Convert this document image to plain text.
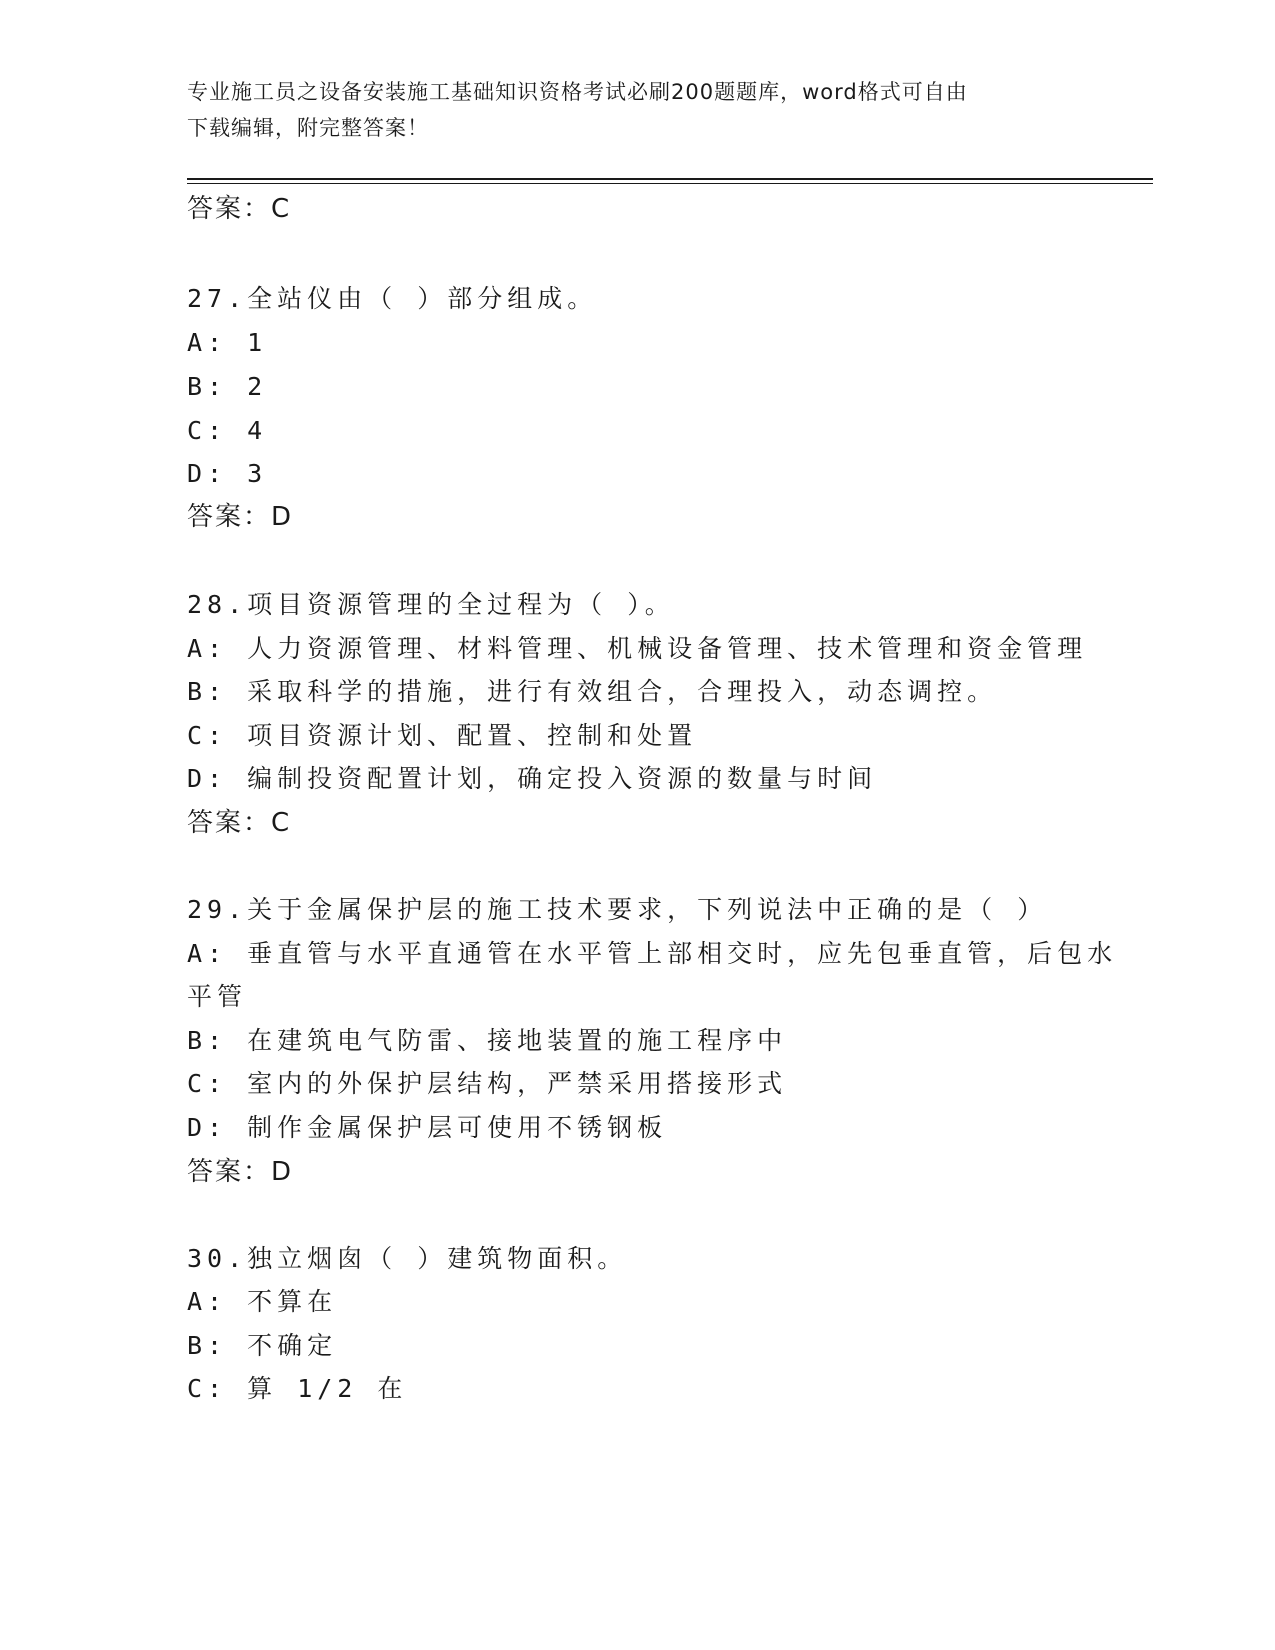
专业施工员之设备安装施工基础知识资格考试必刷200题题库，word格式可自由
下载编辑，附完整答案！
答案：C
27.全站仪由（ ）部分组成。
A: 1
B: 2
C: 4
D: 3
答案：D
28.项目资源管理的全过程为（ ）。
A: 人力资源管理、材料管理、机械设备管理、技术管理和资金管理
B: 采取科学的措施，进行有效组合，合理投入，动态调控。
C: 项目资源计划、配置、控制和处置
D: 编制投资配置计划，确定投入资源的数量与时间
答案：C
29.关于金属保护层的施工技术要求，下列说法中正确的是（ ）
A: 垂直管与水平直通管在水平管上部相交时，应先包垂直管，后包水
平管
B: 在建筑电气防雷、接地装置的施工程序中
C: 室内的外保护层结构，严禁采用搭接形式
D: 制作金属保护层可使用不锈钢板
答案：D
30.独立烟囱（ ）建筑物面积。
A: 不算在
B: 不确定
C: 算 1/2 在
